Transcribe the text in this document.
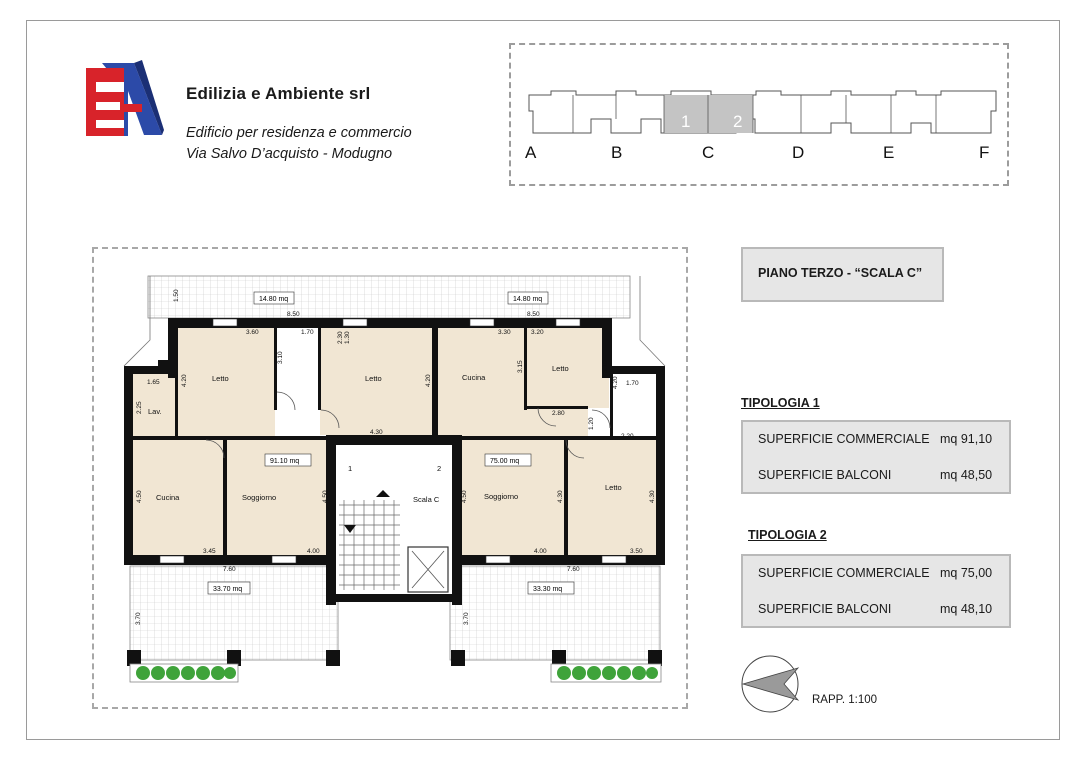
Edilizia e Ambiente srl
Edificio per residenza e commercio
Via Salvo D’acquisto - Modugno
1	2
A	B	C	D	E	F
14.80 mq	14.80 mq
91.10 mq	75.00 mq
33.70 mq	33.30 mq
Letto
Lav.
Letto
Cucina	Soggiorno	Scala C
Cucina
Letto
Soggiorno
Letto
1	2
8.50	8.50
3.60	1.70
1.65
4.30
3.30	3.20
1.70
2.80
2.20
3.45	4.00	4.00	3.50
7.60	7.60
1.50
1.30
2.30
3.10
4.20
2.25
4.20
3.15	3.10
4.20
1.20
4.50	4.50	4.50	4.30	4.30
3.70	3.70
PIANO TERZO - “SCALA C”
TIPOLOGIA 1
SUPERFICIE COMMERCIALE mq 91,10
SUPERFICIE BALCONI	mq 48,50
TIPOLOGIA 2
SUPERFICIE COMMERCIALE mq 75,00
SUPERFICIE BALCONI	mq 48,10
RAPP. 1:100
